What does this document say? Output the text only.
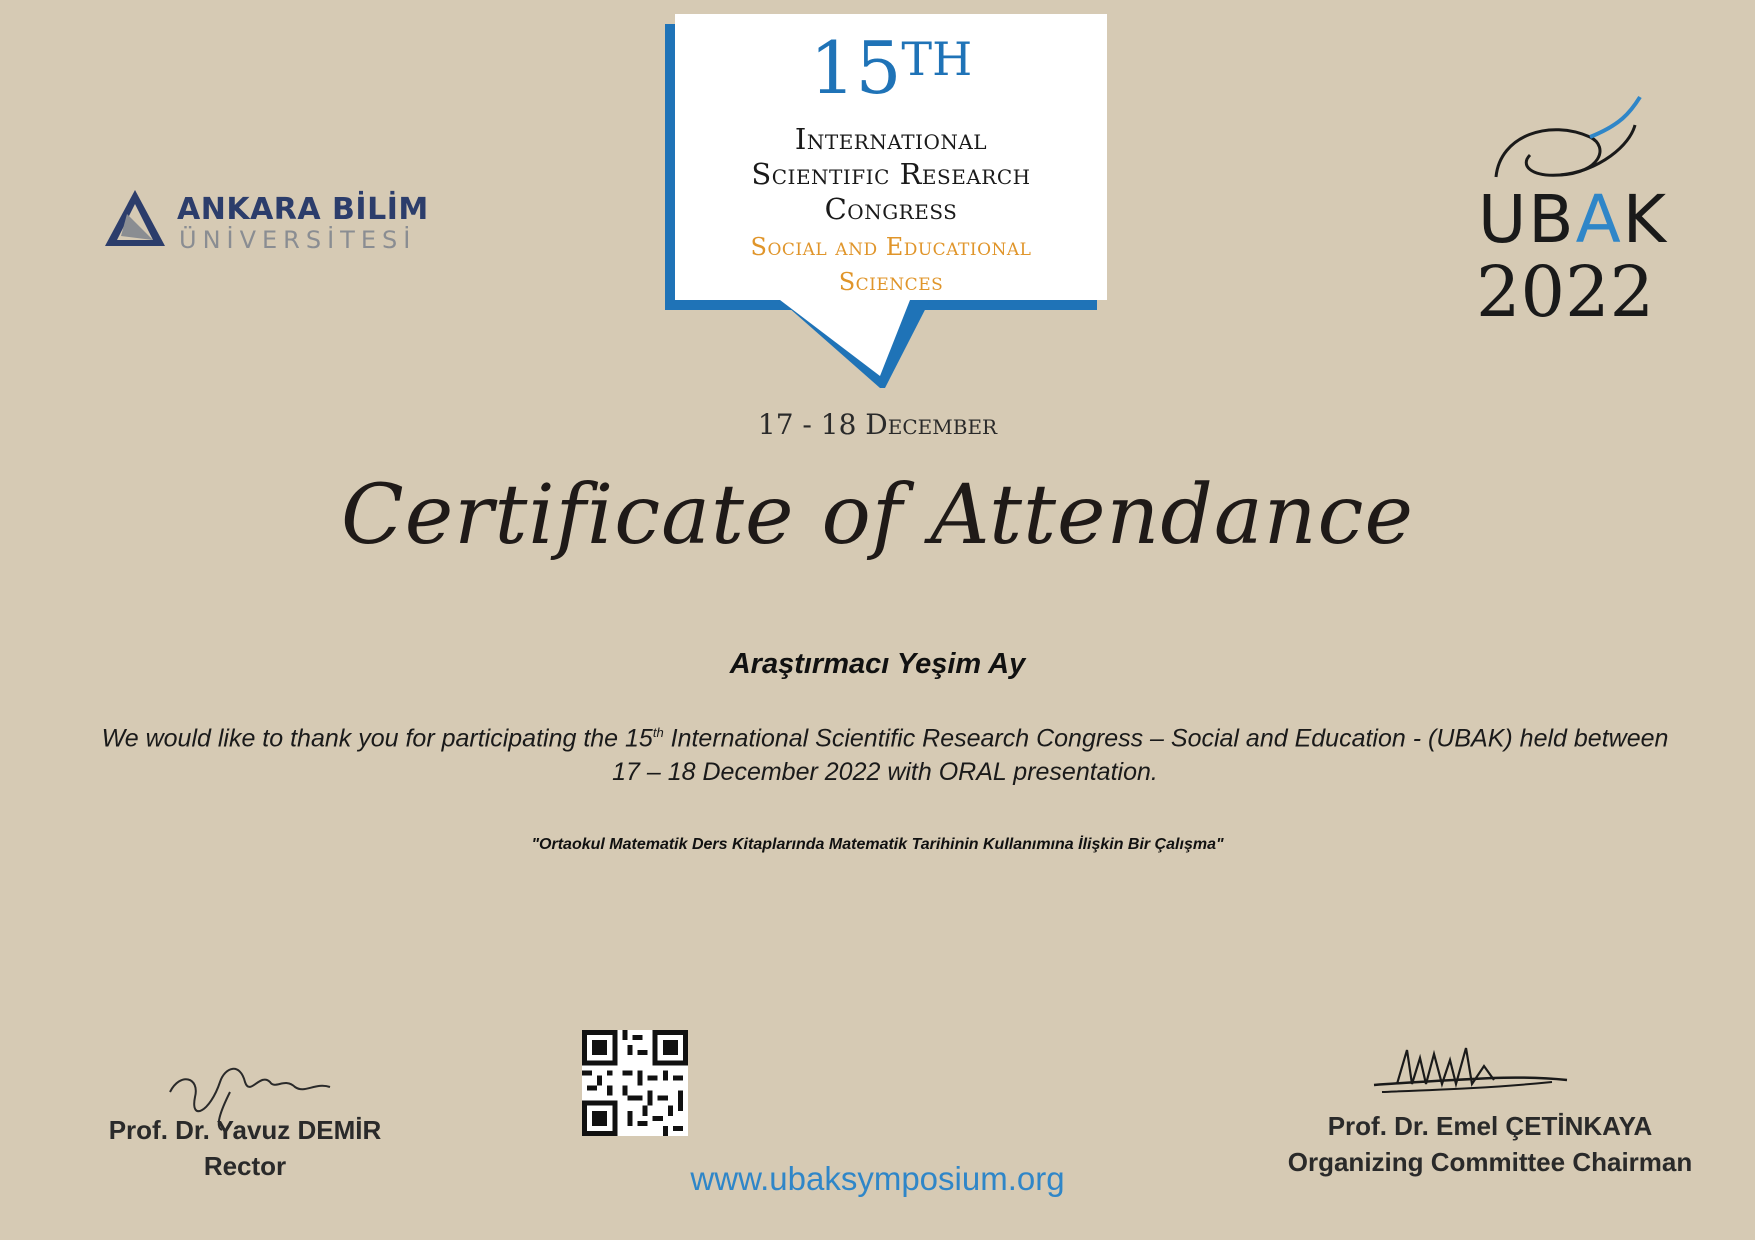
ANKARA BİLİM
ÜNİVERSİTESİ
15TH
International
Scientific Research
Congress
Social and Educational
Sciences
UBAK
2022
17 - 18 December
Certificate of Attendance
Araştırmacı Yeşim Ay
We would like to thank you for participating the 15th International Scientific Research Congress – Social and Education - (UBAK) held between 17 – 18 December 2022 with ORAL presentation.
"Ortaokul Matematik Ders Kitaplarında Matematik Tarihinin Kullanımına İlişkin Bir Çalışma"
Prof. Dr. Yavuz DEMİR
Rector
Prof. Dr. Emel ÇETİNKAYA
Organizing Committee Chairman
www.ubaksymposium.org
